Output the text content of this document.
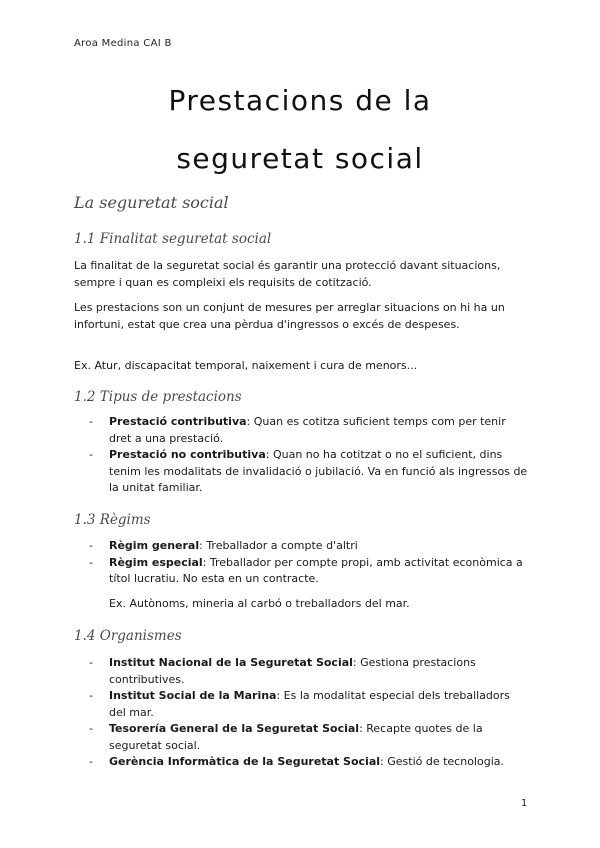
Aroa Medina CAI B
Prestacions de la
seguretat social
La seguretat social
1.1 Finalitat seguretat social

La finalitat de la seguretat social és garantir una protecció davant situacions, sempre i quan es compleixi els requisits de cotització.

Les prestacions son un conjunt de mesures per arreglar situacions on hi ha un infortuni, estat que crea una pèrdua d'ingressos o excés de despeses.

Ex. Atur, discapacitat temporal, naixement i cura de menors...

1.2 Tipus de prestacions
- Prestació contributiva: Quan es cotitza suficient temps com per tenir dret a una prestació.
- Prestació no contributiva: Quan no ha cotitzat o no el suficient, dins tenim les modalitats de invalidació o jubilació. Va en funció als ingressos de la unitat familiar.
1.3 Règims
- Règim general: Treballador a compte d'altri
- Règim especial: Treballador per compte propi, amb activitat econòmica a títol lucratiu. No esta en un contracte.

Ex. Autònoms, mineria al carbó o treballadors del mar.

1.4 Organismes
- Institut Nacional de la Seguretat Social: Gestiona prestacions contributives.
- Institut Social de la Marina: Es la modalitat especial dels treballadors del mar.
- Tesorería General de la Seguretat Social: Recapte quotes de la seguretat social.
- Gerència Informàtica de la Seguretat Social: Gestió de tecnologia.
1
